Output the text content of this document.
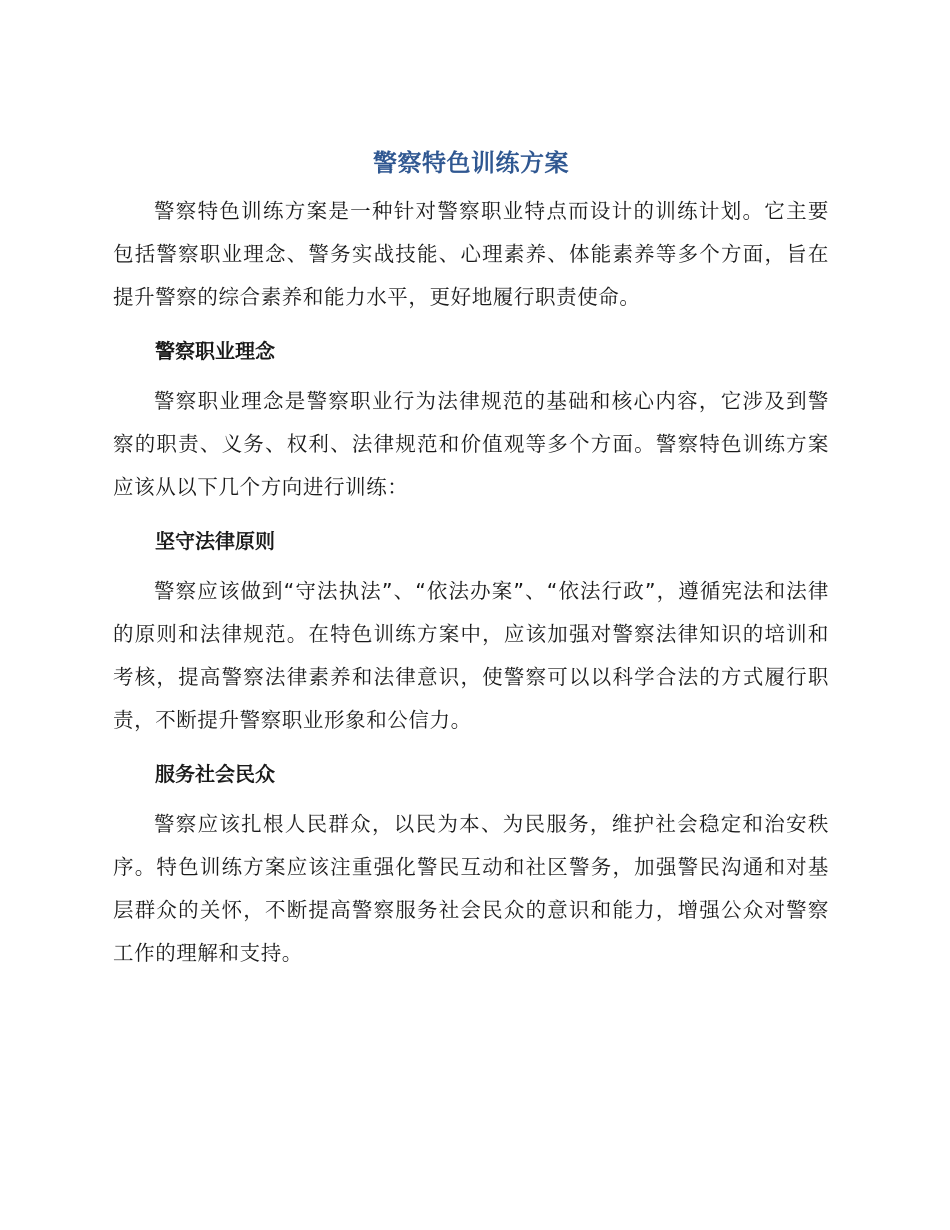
警察特色训练方案

警察特色训练方案是一种针对警察职业特点而设计的训练计划。它主要包括警察职业理念、警务实战技能、心理素养、体能素养等多个方面，旨在提升警察的综合素养和能力水平，更好地履行职责使命。

警察职业理念

警察职业理念是警察职业行为法律规范的基础和核心内容，它涉及到警察的职责、义务、权利、法律规范和价值观等多个方面。警察特色训练方案应该从以下几个方向进行训练：

坚守法律原则

警察应该做到“守法执法”、“依法办案”、“依法行政”，遵循宪法和法律的原则和法律规范。在特色训练方案中，应该加强对警察法律知识的培训和考核，提高警察法律素养和法律意识，使警察可以以科学合法的方式履行职责，不断提升警察职业形象和公信力。

服务社会民众

警察应该扎根人民群众，以民为本、为民服务，维护社会稳定和治安秩序。特色训练方案应该注重强化警民互动和社区警务，加强警民沟通和对基层群众的关怀，不断提高警察服务社会民众的意识和能力，增强公众对警察工作的理解和支持。
